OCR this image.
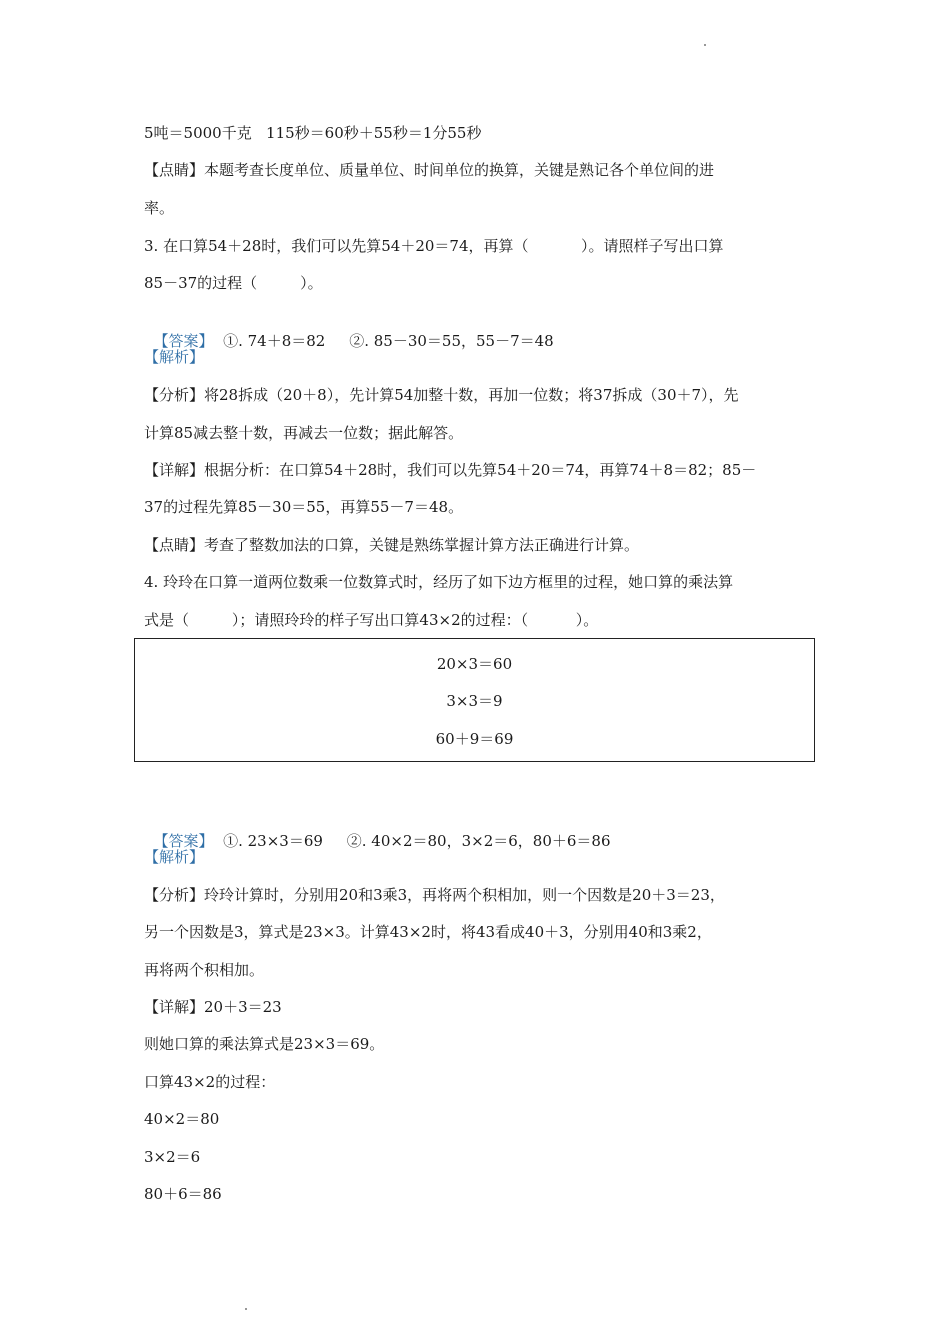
5吨＝5000千克   115秒＝60秒＋55秒＝1分55秒
【点睛】本题考查长度单位、质量单位、时间单位的换算，关键是熟记各个单位间的进
率。
3. 在口算54＋28时，我们可以先算54＋20＝74，再算（           ）。请照样子写出口算
85－37的过程（         ）。

【答案】  ①. 74＋8＝82     ②. 85－30＝55，55－7＝48

【解析】
【分析】将28拆成（20＋8），先计算54加整十数，再加一位数；将37拆成（30＋7），先
计算85减去整十数，再减去一位数；据此解答。
【详解】根据分析：在口算54＋28时，我们可以先算54＋20＝74，再算74＋8＝82；85－
37的过程先算85－30＝55，再算55－7＝48。
【点睛】考查了整数加法的口算，关键是熟练掌握计算方法正确进行计算。
4. 玲玲在口算一道两位数乘一位数算式时，经历了如下边方框里的过程，她口算的乘法算
式是（         ）；请照玲玲的样子写出口算43×2的过程：（          ）。
20×3＝60
3×3＝9
60＋9＝69

【答案】  ①. 23×3＝69     ②. 40×2＝80，3×2＝6，80＋6＝86

【解析】
【分析】玲玲计算时，分别用20和3乘3，再将两个积相加，则一个因数是20＋3＝23，
另一个因数是3，算式是23×3。计算43×2时，将43看成40＋3，分别用40和3乘2，
再将两个积相加。
【详解】20＋3＝23
则她口算的乘法算式是23×3＝69。
口算43×2的过程：
40×2＝80
3×2＝6
80＋6＝86
